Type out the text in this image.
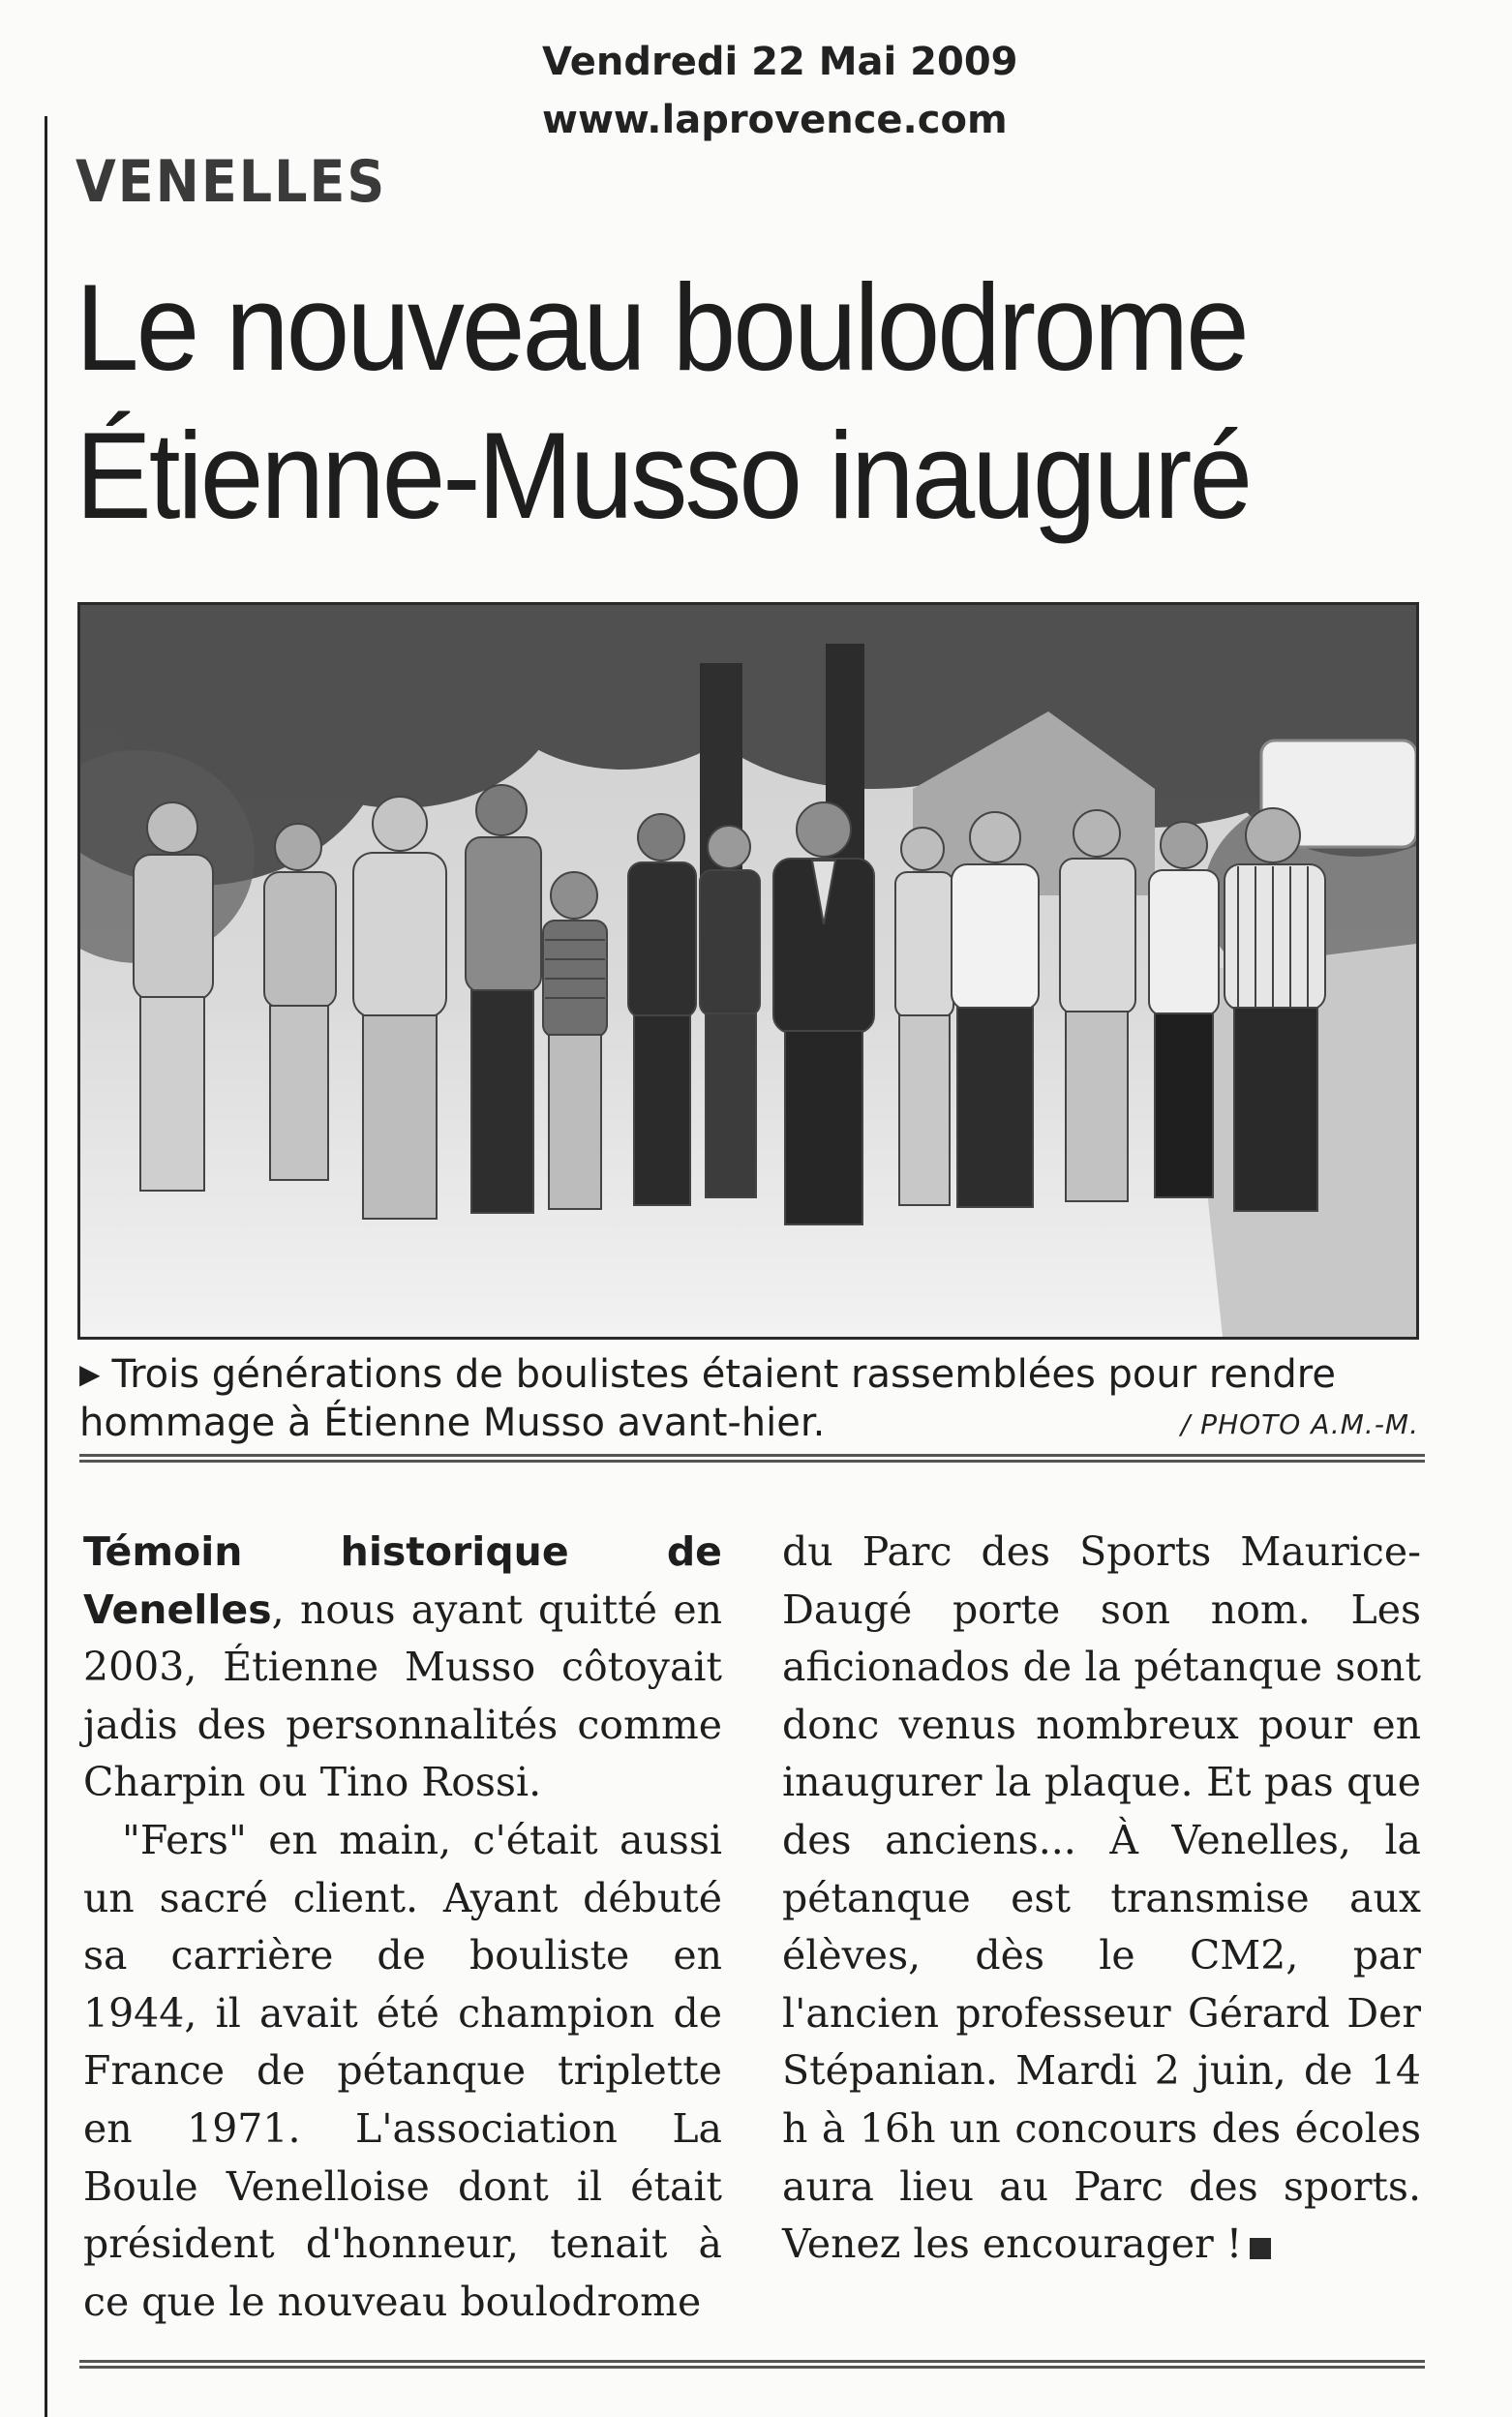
Vendredi 22 Mai 2009
www.laprovence.com
VENELLES
Le nouveau boulodrome
Étienne-Musso inauguré
▶ Trois générations de boulistes étaient rassemblées pour rendre hommage à Étienne Musso avant-hier.	/ PHOTO A.M.-M.

Témoin historique de Venelles, nous ayant quitté en 2003, Étienne Musso côtoyait jadis des personnalités comme Charpin ou Tino Rossi.

"Fers" en main, c'était aussi un sacré client. Ayant débuté sa carrière de bouliste en 1944, il avait été champion de France de pétanque triplette en 1971. L'association La Boule Venelloise dont il était président d'honneur, tenait à ce que le nouveau boulodrome

du Parc des Sports Maurice-Daugé porte son nom. Les aficionados de la pétanque sont donc venus nombreux pour en inaugurer la plaque. Et pas que des anciens... À Venelles, la pétanque est transmise aux élèves, dès le CM2, par l'ancien professeur Gérard Der Stépanian. Mardi 2 juin, de 14 h à 16h un concours des écoles aura lieu au Parc des sports. Venez les encourager !
